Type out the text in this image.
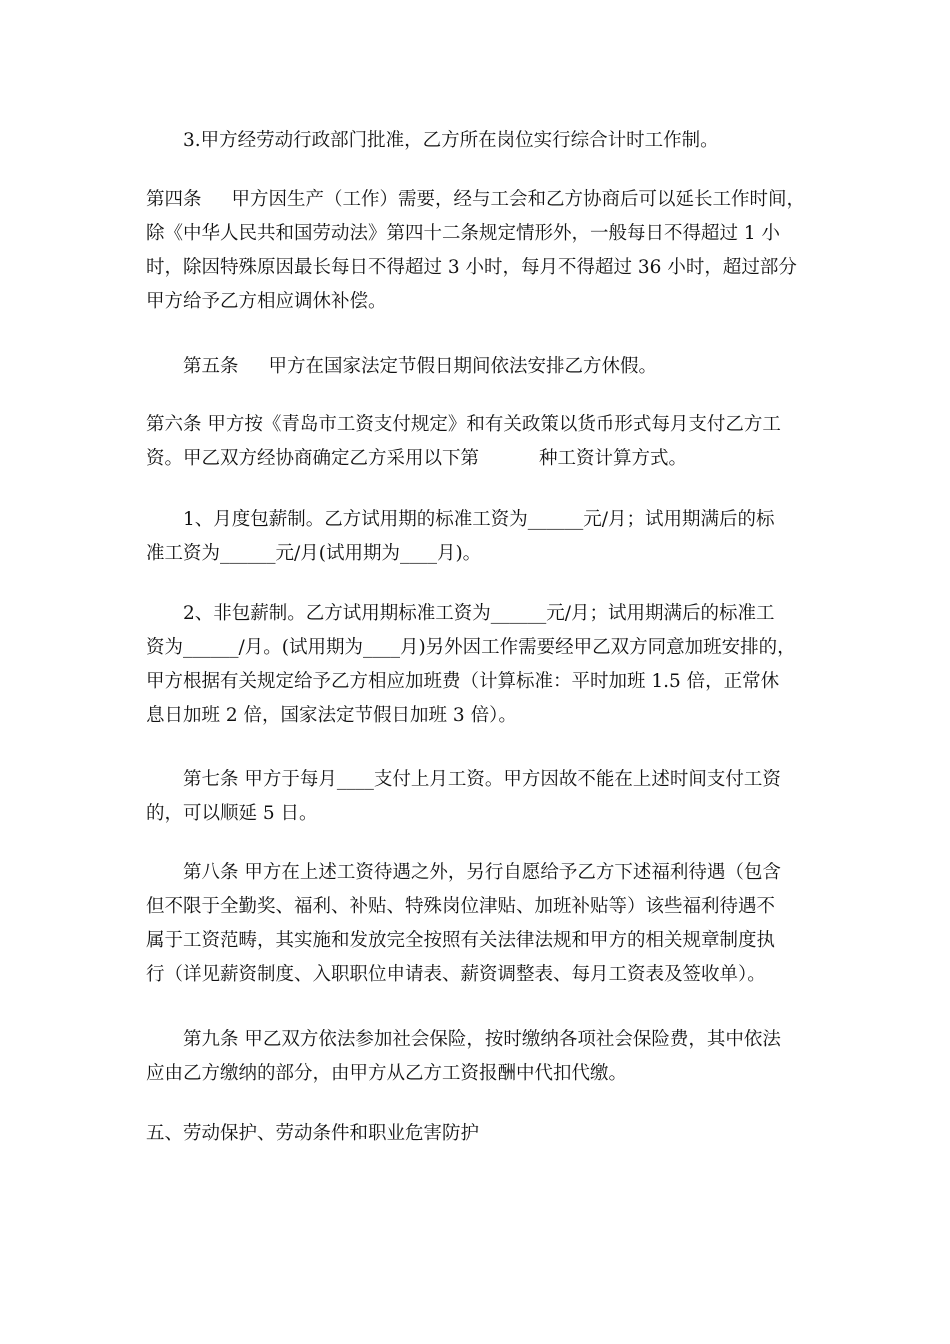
3.甲方经劳动行政部门批准，乙方所在岗位实行综合计时工作制。
第四条 甲方因生产（工作）需要，经与工会和乙方协商后可以延长工作时间，
除《中华人民共和国劳动法》第四十二条规定情形外，一般每日不得超过 1 小
时，除因特殊原因最长每日不得超过 3 小时，每月不得超过 36 小时，超过部分
甲方给予乙方相应调休补偿。
第五条 甲方在国家法定节假日期间依法安排乙方休假。
第六条 甲方按《青岛市工资支付规定》和有关政策以货币形式每月支付乙方工
资。甲乙双方经协商确定乙方采用以下第	种工资计算方式。
1、月度包薪制。乙方试用期的标准工资为______元/月；试用期满后的标
准工资为______元/月(试用期为____月)。
2、非包薪制。乙方试用期标准工资为______元/月；试用期满后的标准工
资为______/月。(试用期为____月)另外因工作需要经甲乙双方同意加班安排的，
甲方根据有关规定给予乙方相应加班费（计算标准：平时加班 1.5 倍，正常休
息日加班 2 倍，国家法定节假日加班 3 倍）。
第七条 甲方于每月____支付上月工资。甲方因故不能在上述时间支付工资
的，可以顺延 5 日。
第八条 甲方在上述工资待遇之外，另行自愿给予乙方下述福利待遇（包含
但不限于全勤奖、福利、补贴、特殊岗位津贴、加班补贴等）该些福利待遇不
属于工资范畴，其实施和发放完全按照有关法律法规和甲方的相关规章制度执
行（详见薪资制度、入职职位申请表、薪资调整表、每月工资表及签收单）。
第九条 甲乙双方依法参加社会保险，按时缴纳各项社会保险费，其中依法
应由乙方缴纳的部分，由甲方从乙方工资报酬中代扣代缴。
五、劳动保护、劳动条件和职业危害防护
